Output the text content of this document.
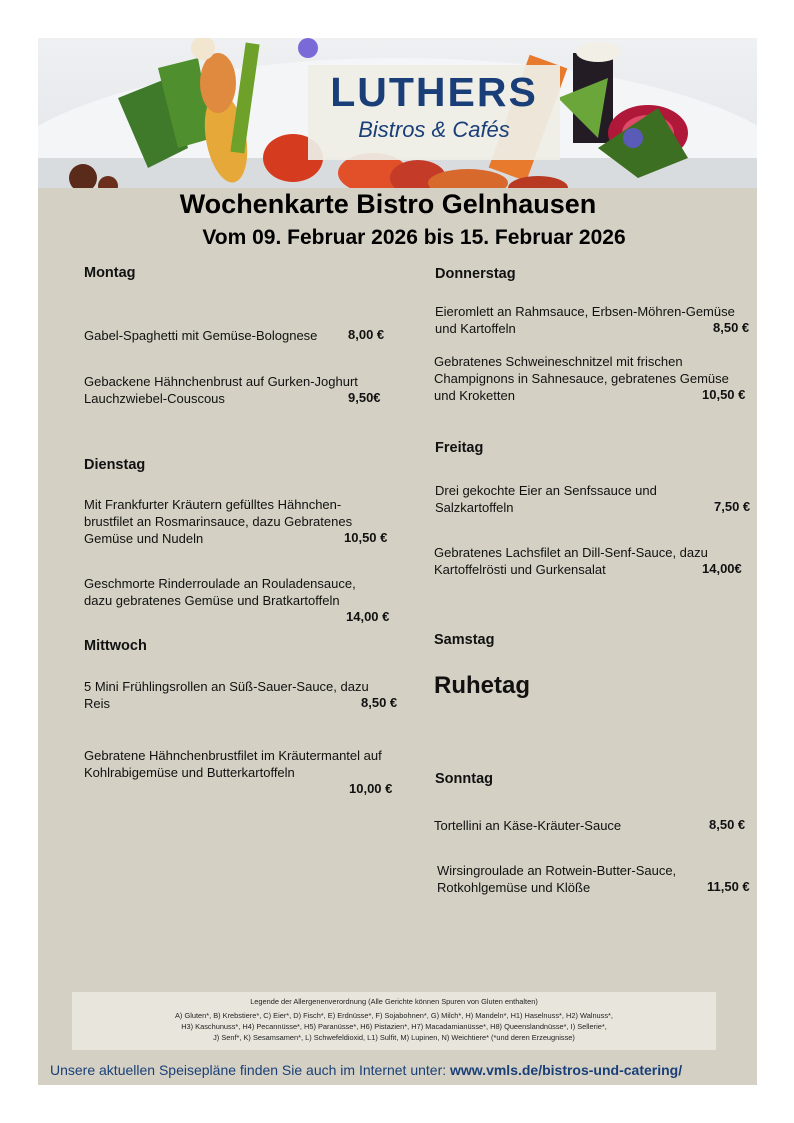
LUTHERS
Bistros & Cafés
Wochenkarte Bistro Gelnhausen
Vom 09. Februar 2026 bis 15. Februar 2026
Montag
Gabel-Spaghetti mit Gemüse-Bolognese	8,00 €
Gebackene Hähnchenbrust auf Gurken-Joghurt Lauchzwiebel-Couscous	9,50€
Dienstag
Mit Frankfurter Kräutern gefülltes Hähnchen-brustfilet an Rosmarinsauce, dazu Gebratenes Gemüse und Nudeln	10,50 €
Geschmorte Rinderroulade an Rouladensauce, dazu gebratenes Gemüse und Bratkartoffeln
14,00 €
Mittwoch
5 Mini Frühlingsrollen an Süß-Sauer-Sauce, dazu Reis	8,50 €
Gebratene Hähnchenbrustfilet im Kräutermantel auf Kohlrabigemüse und Butterkartoffeln
10,00 €
Donnerstag
Eieromlett an Rahmsauce, Erbsen-Möhren-Gemüse und Kartoffeln	8,50 €
Gebratenes Schweineschnitzel mit frischen Champignons in Sahnesauce, gebratenes Gemüse und Kroketten	10,50 €
Freitag
Drei gekochte Eier an Senfssauce und Salzkartoffeln	7,50 €
Gebratenes Lachsfilet an Dill-Senf-Sauce, dazu Kartoffelrösti und Gurkensalat	14,00€
Samstag
Ruhetag
Sonntag
Tortellini an Käse-Kräuter-Sauce	8,50 €
Wirsingroulade an Rotwein-Butter-Sauce, Rotkohlgemüse und Klöße	11,50 €
Legende der Allergenenverordnung (Alle Gerichte können Spuren von Gluten enthalten)
A) Gluten*, B) Krebstiere*, C) Eier*, D) Fisch*, E) Erdnüsse*, F) Sojabohnen*, G) Milch*, H) Mandeln*, H1) Haselnuss*, H2) Walnuss*,
H3) Kaschunuss*, H4) Pecannüsse*, H5) Paranüsse*, H6) Pistazien*, H7) Macadamianüsse*, H8) Queenslandnüsse*, I) Sellerie*,
J) Senf*, K) Sesamsamen*, L) Schwefeldioxid, L1) Sulfit, M) Lupinen, N) Weichtiere* (*und deren Erzeugnisse)
Unsere aktuellen Speisepläne finden Sie auch im Internet unter: www.vmls.de/bistros-und-catering/
